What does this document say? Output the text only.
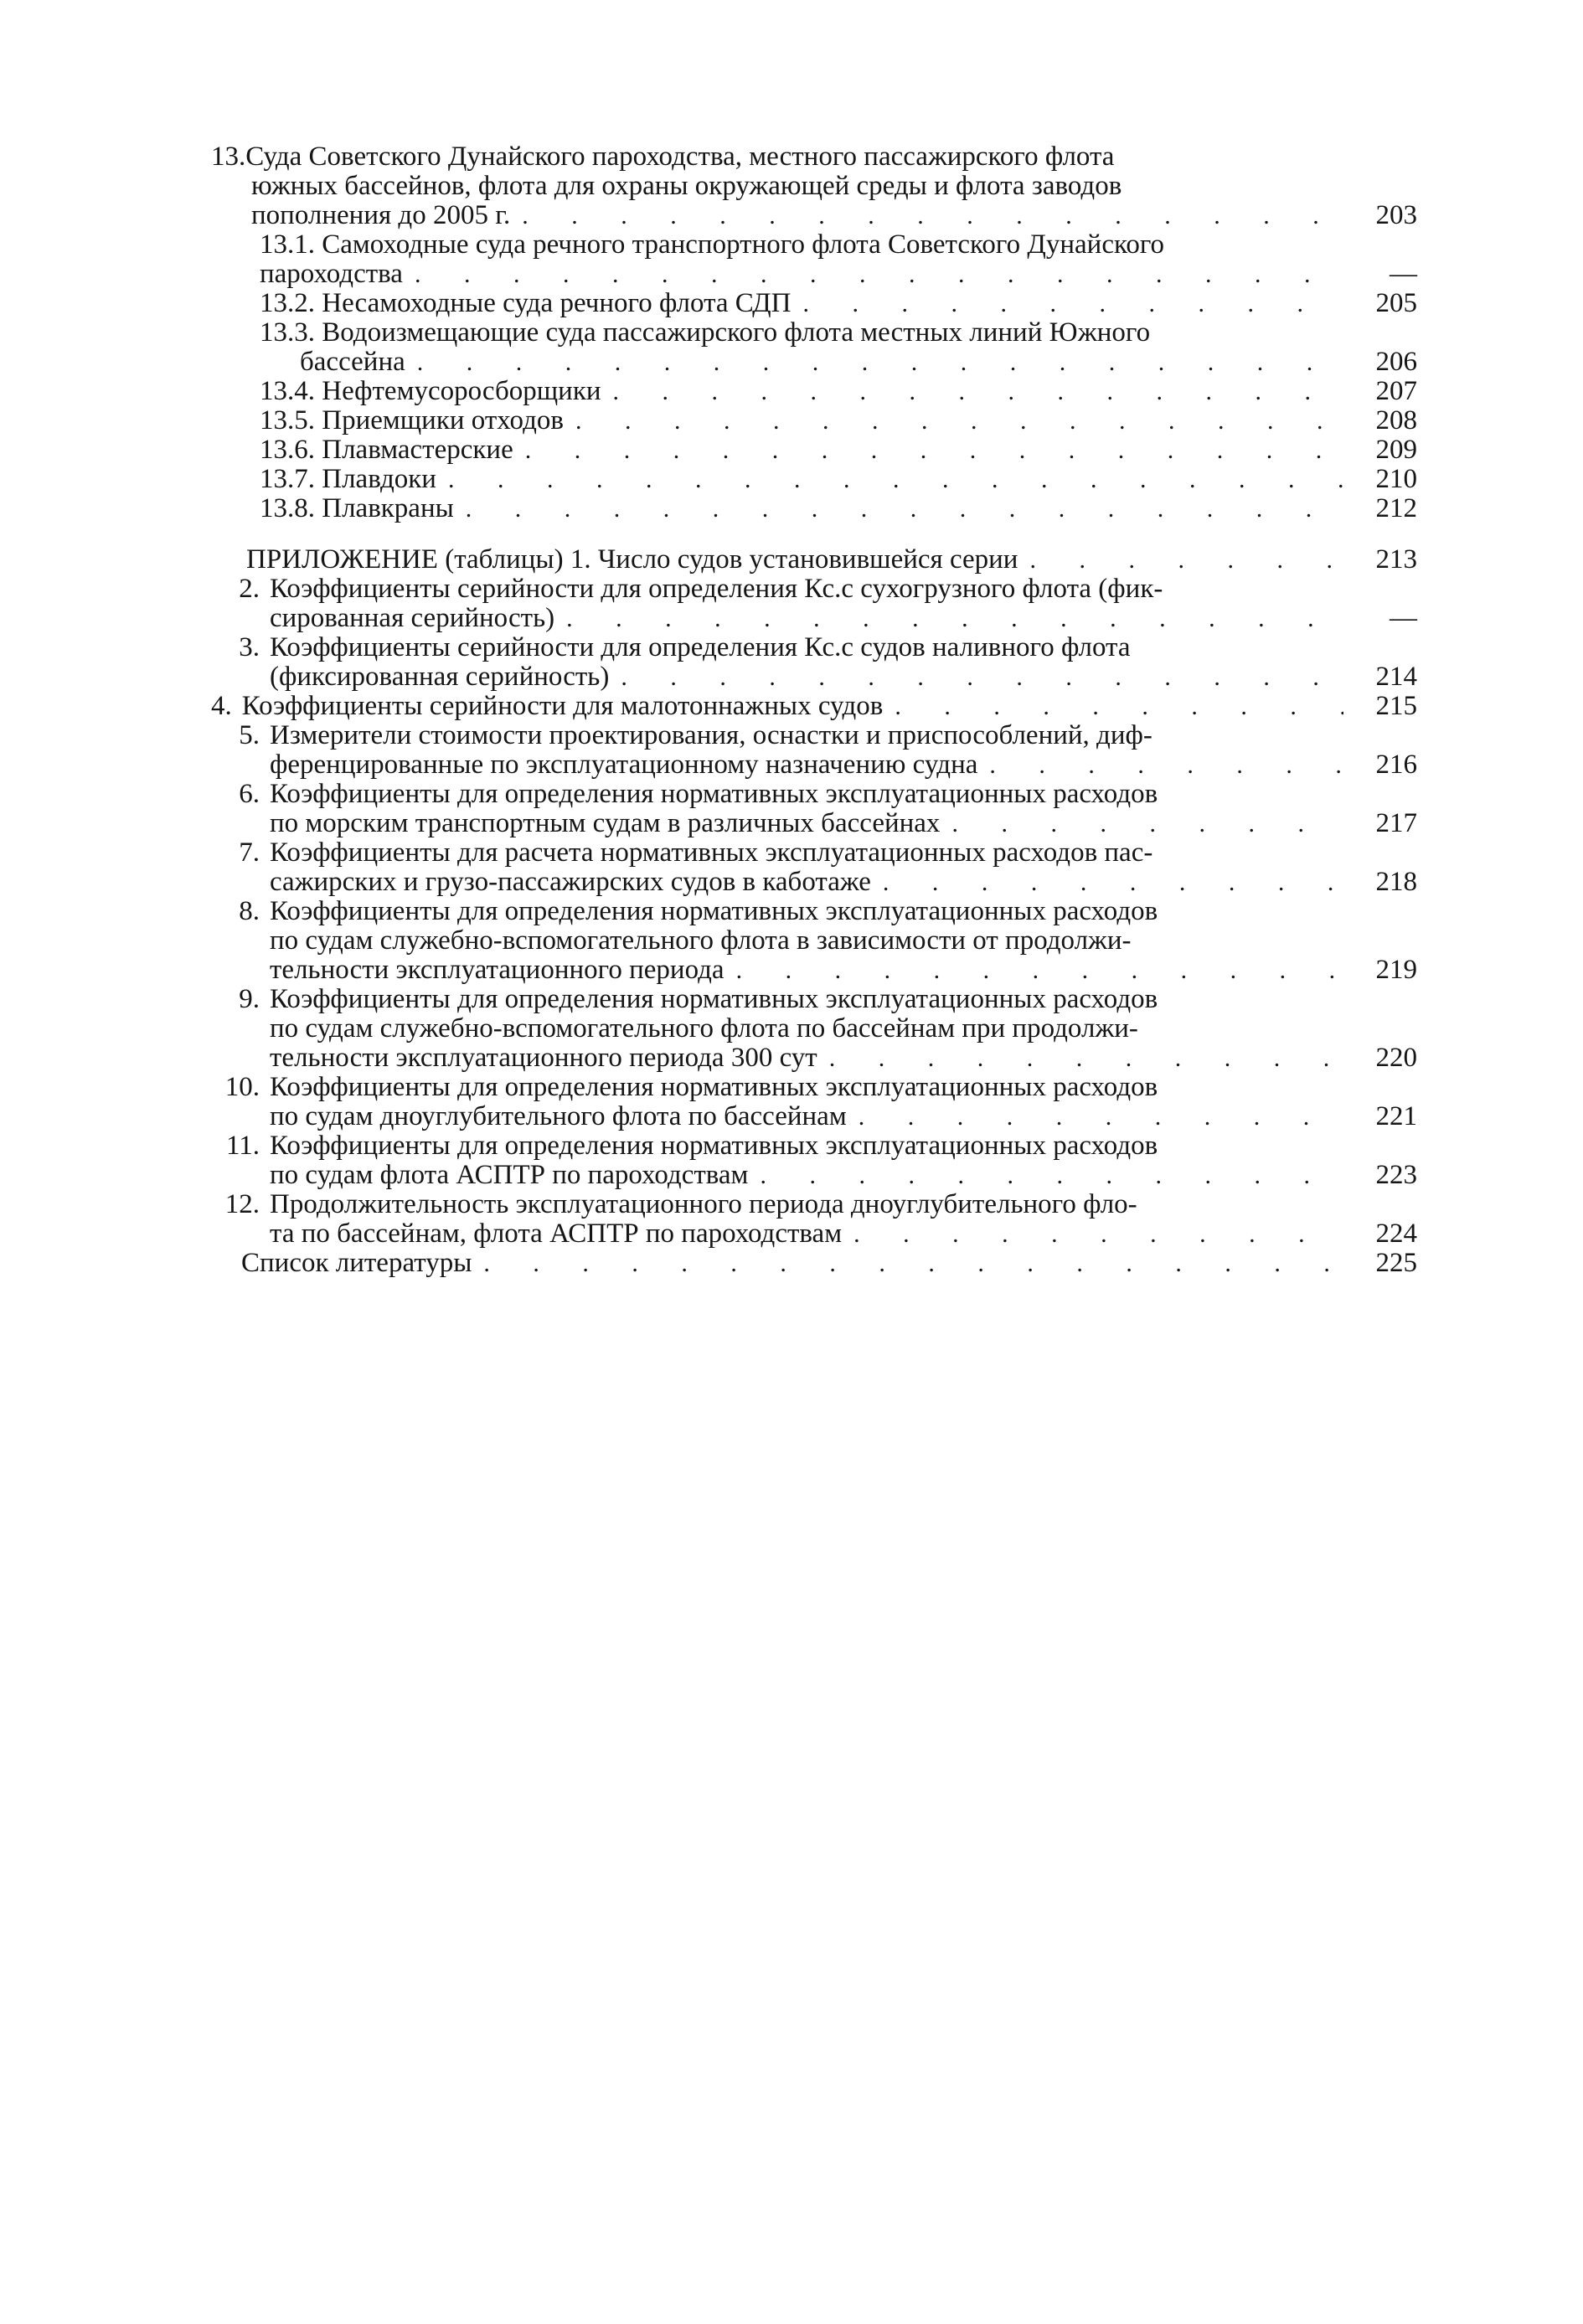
13 .Суда Советского Дунайского пароходства, местного пассажирского флота
южных бассейнов, флота для охраны окружающей среды и флота заводов
пополнения до 2005 г. . . .	203
13.1. Самоходные суда речного транспортного флота Советского Дунайского
пароходства . . .	—
13.2. Несамоходные суда речного флота СДП . . .	205
13.3. Водоизмещающие суда пассажирского флота местных линий Южного
бассейна . . .	206
13.4. Нефтемусоросборщики . . .	207
13.5. Приемщики отходов . . .	208
13.6. Плавмастерские . . .	209
13.7. Плавдоки . . .	210
13.8. Плавкраны . . .	212
ПРИЛОЖЕНИЕ (таблицы) 1. Число судов установившейся серии . . .	213
2. Коэффициенты серийности для определения Кс.с сухогрузного флота (фик-
сированная серийность) . . .	—
3. Коэффициенты серийности для определения Кс.с судов наливного флота
(фиксированная серийность) . . .	214
4. Коэффициенты серийности для малотоннажных судов . . .	215
5. Измерители стоимости проектирования, оснастки и приспособлений, диф-
ференцированные по эксплуатационному назначению судна . . .	216
6. Коэффициенты для определения нормативных эксплуатационных расходов
по морским транспортным судам в различных бассейнах . . .	217
7. Коэффициенты для расчета нормативных эксплуатационных расходов пас-
сажирских и грузо-пассажирских судов в каботаже . . .	218
8. Коэффициенты для определения нормативных эксплуатационных расходов
по судам служебно-вспомогательного флота в зависимости от продолжи-
тельности эксплуатационного периода . . .	219
9. Коэффициенты для определения нормативных эксплуатационных расходов
по судам служебно-вспомогательного флота по бассейнам при продолжи-
тельности эксплуатационного периода 300 сут . . .	220
10. Коэффициенты для определения нормативных эксплуатационных расходов
по судам дноуглубительного флота по бассейнам . . .	221
11. Коэффициенты для определения нормативных эксплуатационных расходов
по судам флота АСПТР по пароходствам . . .	223
12. Продолжительность эксплуатационного периода дноуглубительного фло-
та по бассейнам, флота АСПТР по пароходствам . . .	224
Список литературы . . .	225
